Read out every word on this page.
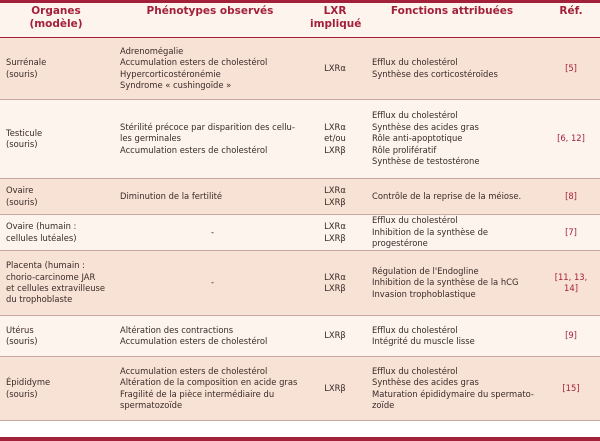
Organes
(modèle)	Phénotypes observés	LXR
impliqué	Fonctions attribuées	Réf.
Surrénale
(souris)	Adrenomégalie
Accumulation esters de cholestérol
Hypercorticostéronémie
Syndrome « cushingoïde »	LXRα	Efflux du cholestérol
Synthèse des corticostéroïdes	[5]
Testicule
(souris)	Stérilité précoce par disparition des cellu-
les germinales
Accumulation esters de cholestérol	LXRα
et/ou
LXRβ	Efflux du cholestérol
Synthèse des acides gras
Rôle anti-apoptotique
Rôle prolifératif
Synthèse de testostérone	[6, 12]
Ovaire
(souris)	Diminution de la fertilité	LXRα
LXRβ	Contrôle de la reprise de la méiose.	[8]
Ovaire (humain :
cellules lutéales)	-	LXRα
LXRβ	Efflux du cholestérol
Inhibition de la synthèse de progestérone	[7]
Placenta (humain :
chorio-carcinome JAR
et cellules extravilleuse
du trophoblaste	-	LXRα
LXRβ	Régulation de l'Endogline
Inhibition de la synthèse de la hCG
Invasion trophoblastique	[11, 13,
14]
Utérus
(souris)	Altération des contractions
Accumulation esters de cholestérol	LXRβ	Efflux du cholestérol
Intégrité du muscle lisse	[9]
Épididyme
(souris)	Accumulation esters de cholestérol
Altération de la composition en acide gras
Fragilité de la pièce intermédiaire du
spermatozoïde	LXRβ	Efflux du cholestérol
Synthèse des acides gras
Maturation épididymaire du spermato-
zoïde	[15]
